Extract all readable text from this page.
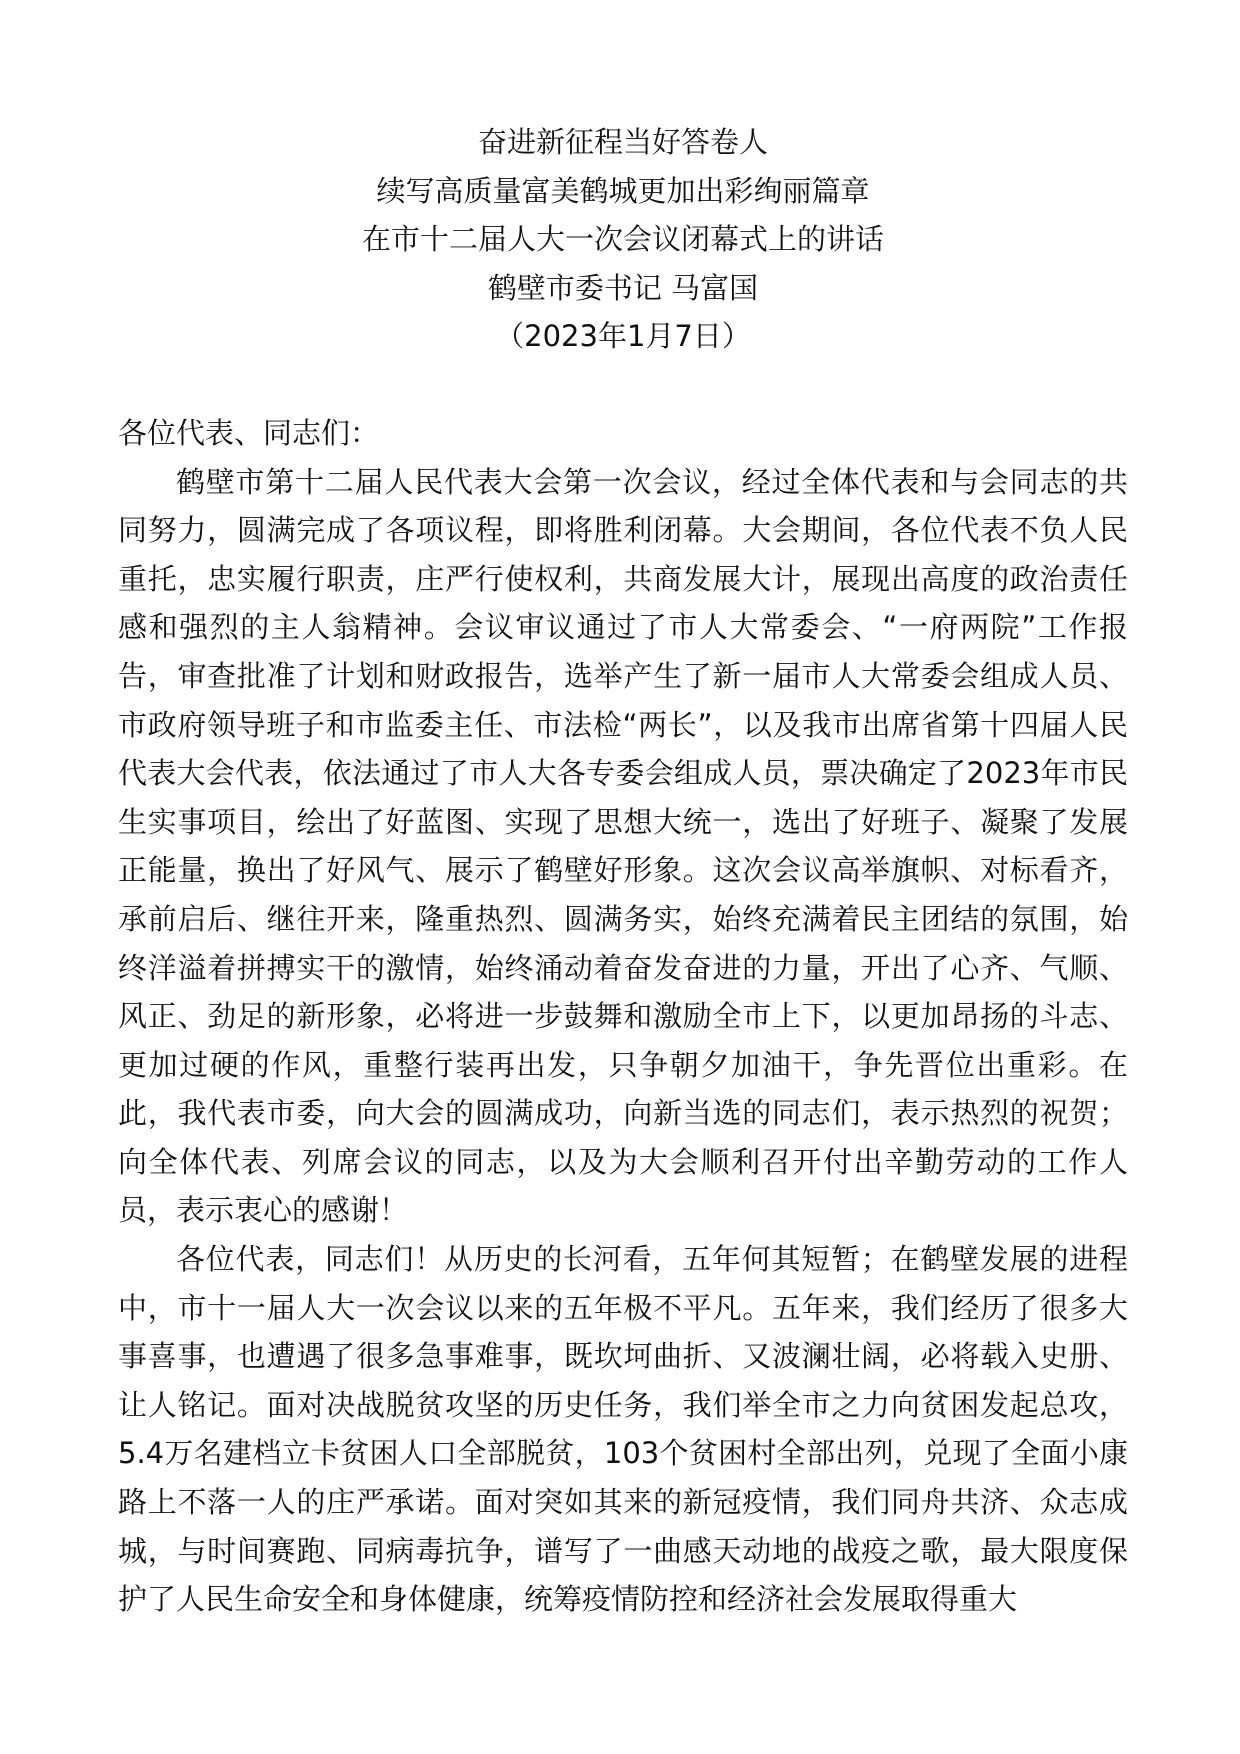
奋进新征程当好答卷人
续写高质量富美鹤城更加出彩绚丽篇章
在市十二届人大一次会议闭幕式上的讲话
鹤壁市委书记 马富国
（2023年1月7日）
各位代表、同志们：

鹤壁市第十二届人民代表大会第一次会议，经过全体代表和与会同志的共同努力，圆满完成了各项议程，即将胜利闭幕。大会期间，各位代表不负人民重托，忠实履行职责，庄严行使权利，共商发展大计，展现出高度的政治责任感和强烈的主人翁精神。会议审议通过了市人大常委会、“一府两院”工作报告，审查批准了计划和财政报告，选举产生了新一届市人大常委会组成人员、市政府领导班子和市监委主任、市法检“两长”，以及我市出席省第十四届人民代表大会代表，依法通过了市人大各专委会组成人员，票决确定了2023年市民生实事项目，绘出了好蓝图、实现了思想大统一，选出了好班子、凝聚了发展正能量，换出了好风气、展示了鹤壁好形象。这次会议高举旗帜、对标看齐，承前启后、继往开来，隆重热烈、圆满务实，始终充满着民主团结的氛围，始终洋溢着拼搏实干的激情，始终涌动着奋发奋进的力量，开出了心齐、气顺、风正、劲足的新形象，必将进一步鼓舞和激励全市上下，以更加昂扬的斗志、更加过硬的作风，重整行装再出发，只争朝夕加油干，争先晋位出重彩。在此，我代表市委，向大会的圆满成功，向新当选的同志们，表示热烈的祝贺；向全体代表、列席会议的同志，以及为大会顺利召开付出辛勤劳动的工作人员，表示衷心的感谢！

各位代表，同志们！从历史的长河看，五年何其短暂；在鹤壁发展的进程中，市十一届人大一次会议以来的五年极不平凡。五年来，我们经历了很多大事喜事，也遭遇了很多急事难事，既坎坷曲折、又波澜壮阔，必将载入史册、让人铭记。面对决战脱贫攻坚的历史任务，我们举全市之力向贫困发起总攻，5.4万名建档立卡贫困人口全部脱贫，103个贫困村全部出列，兑现了全面小康路上不落一人的庄严承诺。面对突如其来的新冠疫情，我们同舟共济、众志成城，与时间赛跑、同病毒抗争，谱写了一曲感天动地的战疫之歌，最大限度保护了人民生命安全和身体健康，统筹疫情防控和经济社会发展取得重大
